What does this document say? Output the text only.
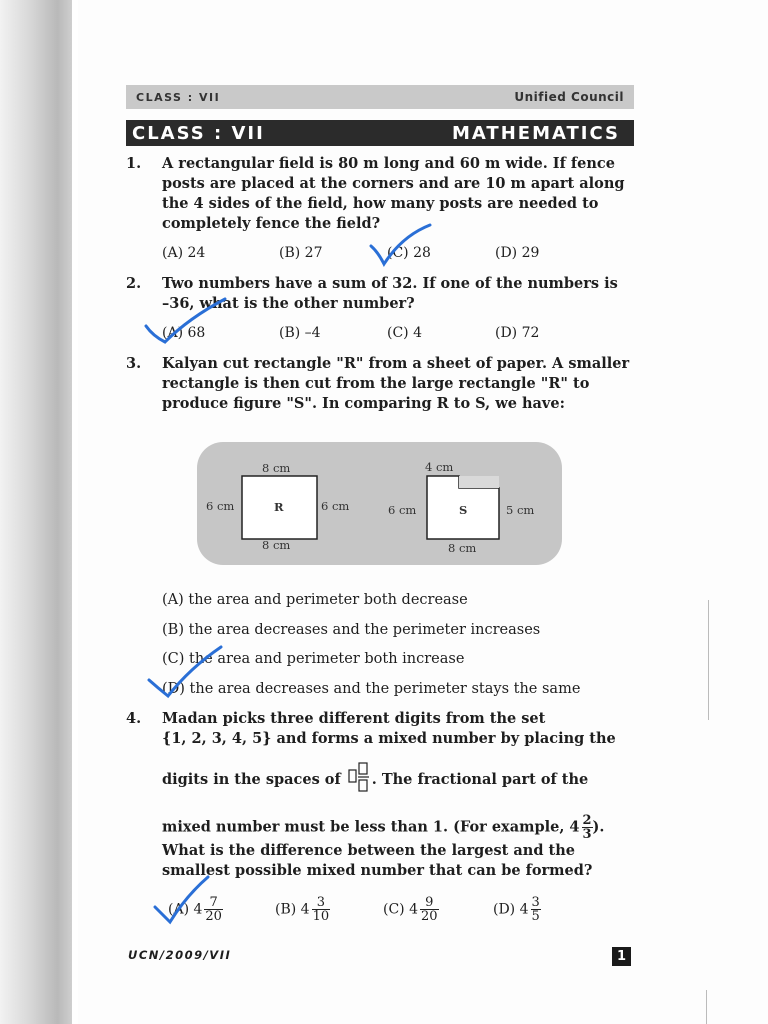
CLASS : VII	Unified Council
CLASS : VII	MATHEMATICS
1. A rectangular field is 80 m long and 60 m wide. If fence
posts are placed at the corners and are 10 m apart along
the 4 sides of the field, how many posts are needed to
completely fence the field?
(A) 24	(B) 27	(C) 28	(D) 29
2. Two numbers have a sum of 32. If one of the numbers is
–36, what is the other number?
(A) 68	(B) –4	(C) 4	(D) 72
3. Kalyan cut rectangle "R" from a sheet of paper. A smaller
rectangle is then cut from the large rectangle "R" to
produce figure "S". In comparing R to S, we have:
8 cm
6 cm	6 cm
8 cm
R
4 cm
6 cm	5 cm
8 cm
S
(A) the area and perimeter both decrease
(B) the area decreases and the perimeter increases
(C) the area and perimeter both increase
(D) the area decreases and the perimeter stays the same
4. Madan picks three different digits from the set
{1, 2, 3, 4, 5} and forms a mixed number by placing the
digits in the spaces of . The fractional part of the
mixed number must be less than 1. (For example, $4 \frac{2}{3}$ ).
What is the difference between the largest and the
smallest possible mixed number that can be formed?
(A) $4 \frac{7}{20}$	(B) $4 \frac{3}{10}$	(C) $4 \frac{9}{20}$	(D) $4 \frac{3}{5}$
UCN/2009/VII	1
